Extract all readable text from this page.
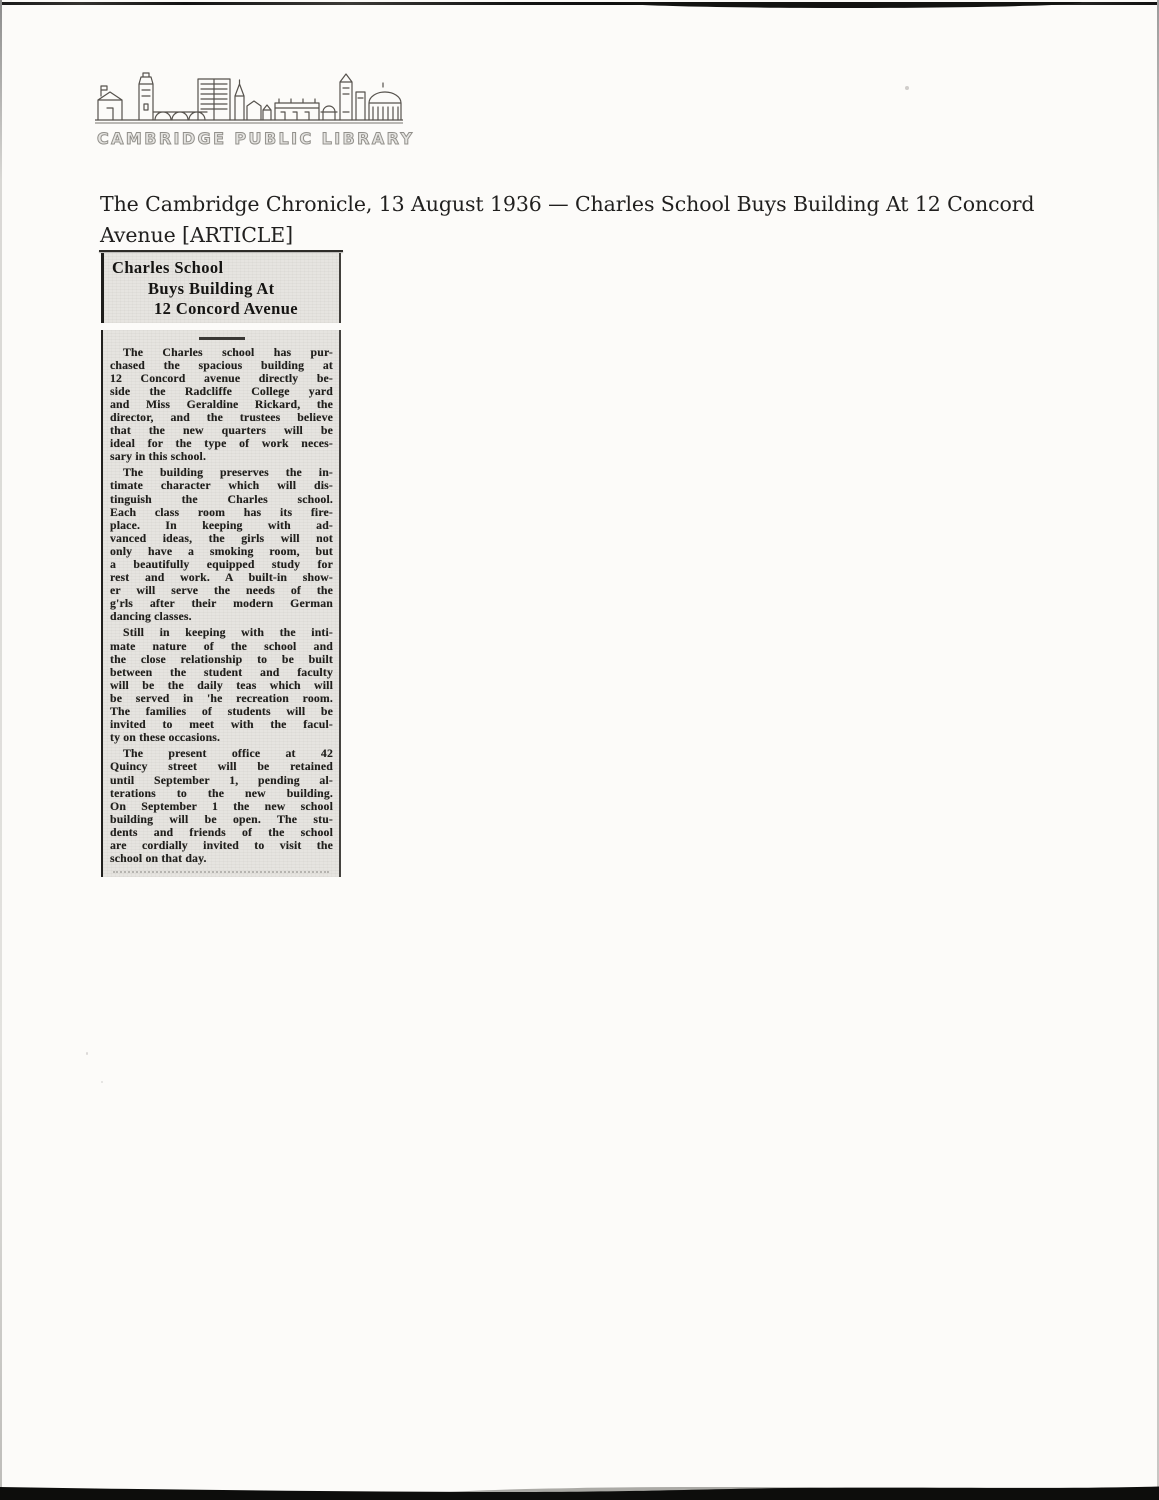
CAMBRIDGE PUBLIC LIBRARY
The Cambridge Chronicle, 13 August 1936 — Charles School Buys Building At 12 Concord
Avenue [ARTICLE]
Charles School
Buys Building At
12 Concord Avenue
The Charles school has pur-
chased the spacious building at
12 Concord avenue directly be-
side the Radcliffe College yard
and Miss Geraldine Rickard, the
director, and the trustees believe
that the new quarters will be
ideal for the type of work neces-
sary in this school.
The building preserves the in-
timate character which will dis-
tinguish the Charles school.
Each class room has its fire-
place. In keeping with ad-
vanced ideas, the girls will not
only have a smoking room, but
a beautifully equipped study for
rest and work. A built-in show-
er will serve the needs of the
g'rls after their modern German
dancing classes.
Still in keeping with the inti-
mate nature of the school and
the close relationship to be built
between the student and faculty
will be the daily teas which will
be served in 'he recreation room.
The families of students will be
invited to meet with the facul-
ty on these occasions.
The present office at 42
Quincy street will be retained
until September 1, pending al-
terations to the new building.
On September 1 the new school
building will be open. The stu-
dents and friends of the school
are cordially invited to visit the
school on that day.
